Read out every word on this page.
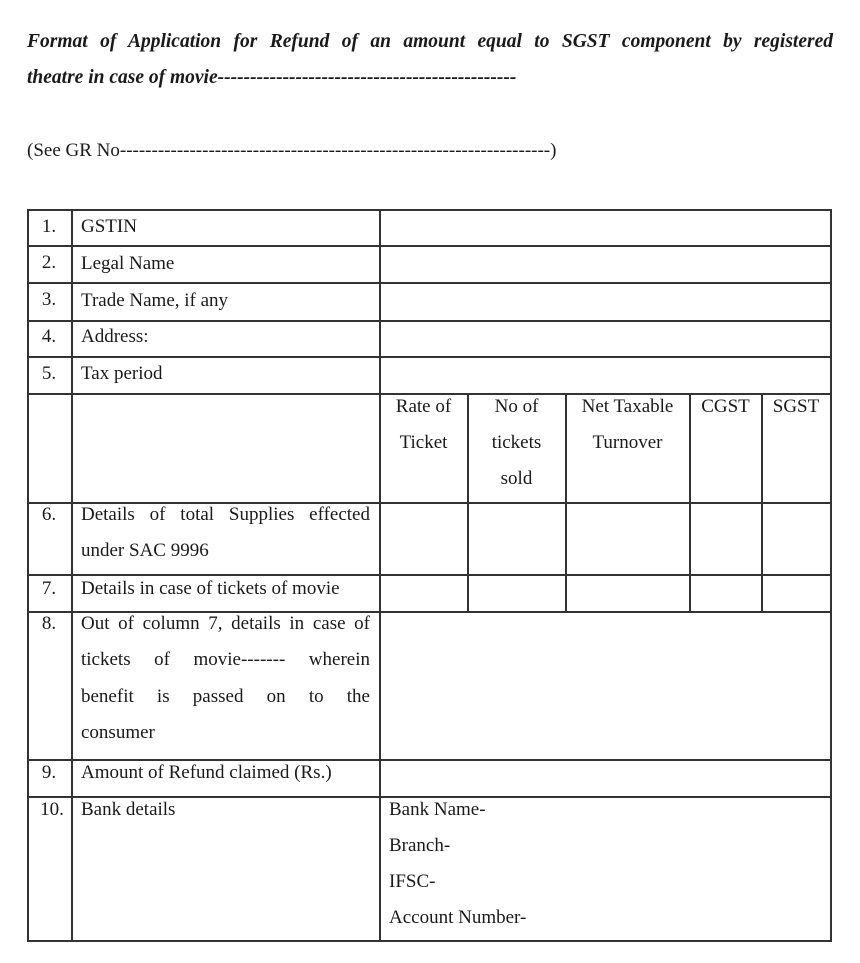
Format of Application for Refund of an amount equal to SGST component by registered
theatre in case of movie----------------------------------------------
(See GR No--------------------------------------------------------------------)
1.
2.
3.
4.
5.
6.
7.
8.
9.
10.
GSTIN
Legal Name
Trade Name, if any
Address:
Tax period
Details of total Supplies effected
under SAC 9996
Details in case of tickets of movie
Out of column 7, details in case of
tickets of movie------- wherein
benefit is passed on to the
consumer
Amount of Refund claimed (Rs.)
Bank details
Rate of
Ticket
No of
tickets
sold
Net Taxable
Turnover
CGST	SGST
Bank Name-
Branch-
IFSC-
Account Number-
